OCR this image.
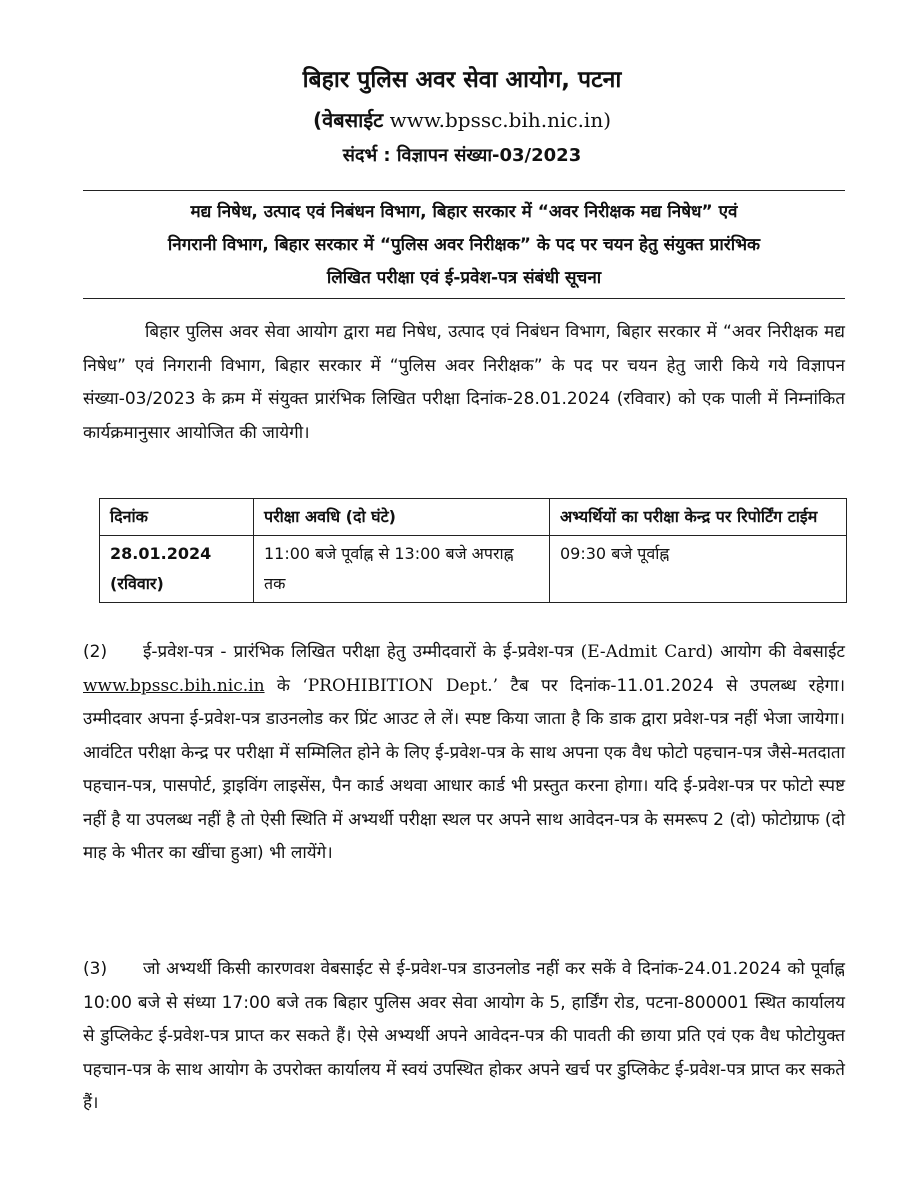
बिहार पुलिस अवर सेवा आयोग, पटना
(वेबसाईट www.bpssc.bih.nic.in)
संदर्भ : विज्ञापन संख्या-03/2023
मद्य निषेध, उत्पाद एवं निबंधन विभाग, बिहार सरकार में “अवर निरीक्षक मद्य निषेध” एवं
निगरानी विभाग, बिहार सरकार में “पुलिस अवर निरीक्षक” के पद पर चयन हेतु संयुक्त प्रारंभिक
लिखित परीक्षा एवं ई-प्रवेश-पत्र संबंधी सूचना
बिहार पुलिस अवर सेवा आयोग द्वारा मद्य निषेध, उत्पाद एवं निबंधन विभाग, बिहार सरकार में “अवर निरीक्षक मद्य निषेध” एवं निगरानी विभाग, बिहार सरकार में “पुलिस अवर निरीक्षक” के पद पर चयन हेतु जारी किये गये विज्ञापन संख्या-03/2023 के क्रम में संयुक्त प्रारंभिक लिखित परीक्षा दिनांक-28.01.2024 (रविवार) को एक पाली में निम्नांकित कार्यक्रमानुसार आयोजित की जायेगी।
दिनांक	परीक्षा अवधि (दो घंटे)	अभ्यर्थियों का परीक्षा केन्द्र पर रिपोर्टिंग टाईम

28.01.2024
(रविवार)	11:00 बजे पूर्वाह्न से 13:00 बजे अपराह्न तक	09:30 बजे पूर्वाह्न
(2) ई-प्रवेश-पत्र - प्रारंभिक लिखित परीक्षा हेतु उम्मीदवारों के ई-प्रवेश-पत्र (E-Admit Card) आयोग की वेबसाईट www.bpssc.bih.nic.in के ‘PROHIBITION Dept.’ टैब पर दिनांक-11.01.2024 से उपलब्ध रहेगा। उम्मीदवार अपना ई-प्रवेश-पत्र डाउनलोड कर प्रिंट आउट ले लें। स्पष्ट किया जाता है कि डाक द्वारा प्रवेश-पत्र नहीं भेजा जायेगा। आवंटित परीक्षा केन्द्र पर परीक्षा में सम्मिलित होने के लिए ई-प्रवेश-पत्र के साथ अपना एक वैध फोटो पहचान-पत्र जैसे-मतदाता पहचान-पत्र, पासपोर्ट, ड्राइविंग लाइसेंस, पैन कार्ड अथवा आधार कार्ड भी प्रस्तुत करना होगा। यदि ई-प्रवेश-पत्र पर फोटो स्पष्ट नहीं है या उपलब्ध नहीं है तो ऐसी स्थिति में अभ्यर्थी परीक्षा स्थल पर अपने साथ आवेदन-पत्र के समरूप 2 (दो) फोटोग्राफ (दो माह के भीतर का खींचा हुआ) भी लायेंगे।
(3) जो अभ्यर्थी किसी कारणवश वेबसाईट से ई-प्रवेश-पत्र डाउनलोड नहीं कर सकें वे दिनांक-24.01.2024 को पूर्वाह्न 10:00 बजे से संध्या 17:00 बजे तक बिहार पुलिस अवर सेवा आयोग के 5, हार्डिंग रोड, पटना-800001 स्थित कार्यालय से डुप्लिकेट ई-प्रवेश-पत्र प्राप्त कर सकते हैं। ऐसे अभ्यर्थी अपने आवेदन-पत्र की पावती की छाया प्रति एवं एक वैध फोटोयुक्त पहचान-पत्र के साथ आयोग के उपरोक्त कार्यालय में स्वयं उपस्थित होकर अपने खर्च पर डुप्लिकेट ई-प्रवेश-पत्र प्राप्त कर सकते हैं।
